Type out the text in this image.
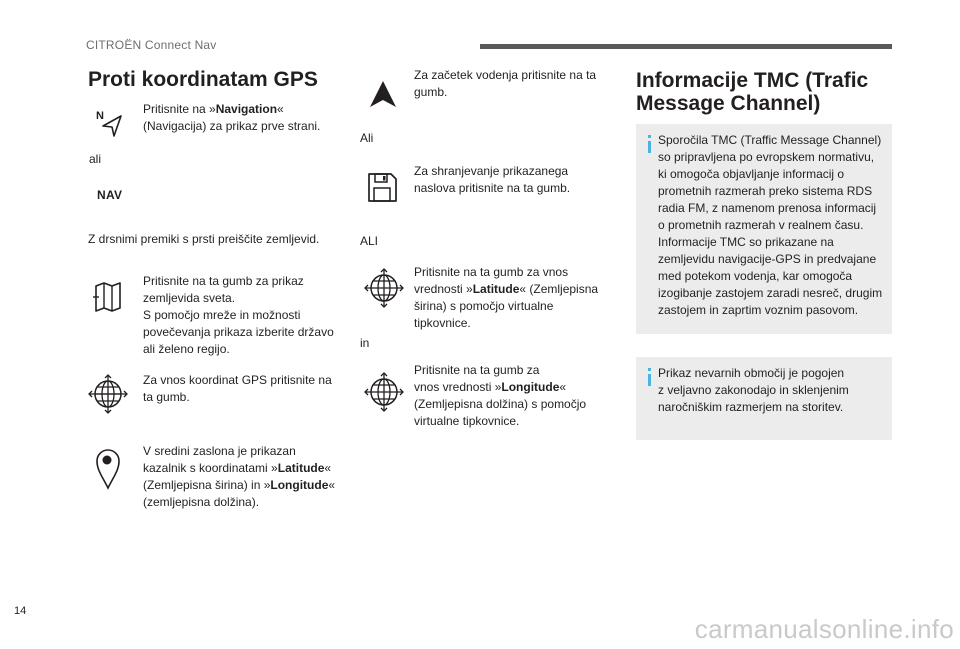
CITROËN Connect Nav
Proti koordinatam GPS
N	Pritisnite na »Navigation« (Navigacija) za prikaz prve strani.
ali
NAV
Z drsnimi premiki s prsti preiščite zemljevid.
Pritisnite na ta gumb za prikaz
zemljevida sveta.
S pomočjo mreže in možnosti
povečevanja prikaza izberite državo
ali želeno regijo.
Za vnos koordinat GPS pritisnite na
ta gumb.
V sredini zaslona je prikazan
kazalnik s koordinatami »Latitude«
(Zemljepisna širina) in »Longitude«
(zemljepisna dolžina).
Za začetek vodenja pritisnite na ta
gumb.
Ali
Za shranjevanje prikazanega
naslova pritisnite na ta gumb.
ALI
Pritisnite na ta gumb za vnos
vrednosti »Latitude« (Zemljepisna
širina) s pomočjo virtualne
tipkovnice.
in
Pritisnite na ta gumb za
vnos vrednosti »Longitude«
(Zemljepisna dolžina) s pomočjo
virtualne tipkovnice.
Informacije TMC (Trafic
Message Channel)
Sporočila TMC (Traffic Message Channel)
so pripravljena po evropskem normativu,
ki omogoča objavljanje informacij o
prometnih razmerah preko sistema RDS
radia FM, z namenom prenosa informacij
o prometnih razmerah v realnem času.
Informacije TMC so prikazane na
zemljevidu navigacije-GPS in predvajane
med potekom vodenja, kar omogoča
izogibanje zastojem zaradi nesreč, drugim
zastojem in zaprtim voznim pasovom.
Prikaz nevarnih območij je pogojen
z veljavno zakonodajo in sklenjenim
naročniškim razmerjem na storitev.
14
carmanualsonline.info
